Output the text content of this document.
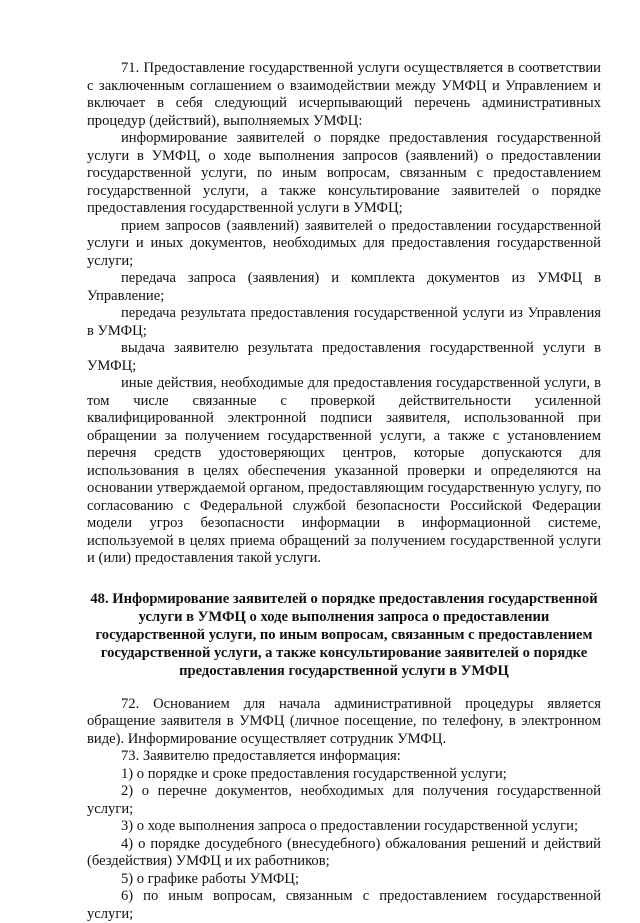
71. Предоставление государственной услуги осуществляется в соответствии с заключенным соглашением о взаимодействии между УМФЦ и Управлением и включает в себя следующий исчерпывающий перечень административных процедур (действий), выполняемых УМФЦ:

информирование заявителей о порядке предоставления государственной услуги в УМФЦ, о ходе выполнения запросов (заявлений) о предоставлении государственной услуги, по иным вопросам, связанным с предоставлением государственной услуги, а также консультирование заявителей о порядке предоставления государственной услуги в УМФЦ;

прием запросов (заявлений) заявителей о предоставлении государственной услуги и иных документов, необходимых для предоставления государственной услуги;

передача запроса (заявления) и комплекта документов из УМФЦ в Управление;

передача результата предоставления государственной услуги из Управления в УМФЦ;

выдача заявителю результата предоставления государственной услуги в УМФЦ;

иные действия, необходимые для предоставления государственной услуги, в том числе связанные с проверкой действительности усиленной квалифицированной электронной подписи заявителя, использованной при обращении за получением государственной услуги, а также с установлением перечня средств удостоверяющих центров, которые допускаются для использования в целях обеспечения указанной проверки и определяются на основании утверждаемой органом, предоставляющим государственную услугу, по согласованию с Федеральной службой безопасности Российской Федерации модели угроз безопасности информации в информационной системе, используемой в целях приема обращений за получением государственной услуги и (или) предоставления такой услуги.

48. Информирование заявителей о порядке предоставления государственной услуги в УМФЦ о ходе выполнения запроса о предоставлении государственной услуги, по иным вопросам, связанным с предоставлением государственной услуги, а также консультирование заявителей о порядке предоставления государственной услуги в УМФЦ

72. Основанием для начала административной процедуры является обращение заявителя в УМФЦ (личное посещение, по телефону, в электронном виде). Информирование осуществляет сотрудник УМФЦ.

73. Заявителю предоставляется информация:

1) о порядке и сроке предоставления государственной услуги;

2) о перечне документов, необходимых для получения государственной услуги;

3) о ходе выполнения запроса о предоставлении государственной услуги;

4) о порядке досудебного (внесудебного) обжалования решений и действий (бездействия) УМФЦ и их работников;

5) о графике работы УМФЦ;

6) по иным вопросам, связанным с предоставлением государственной услуги;
